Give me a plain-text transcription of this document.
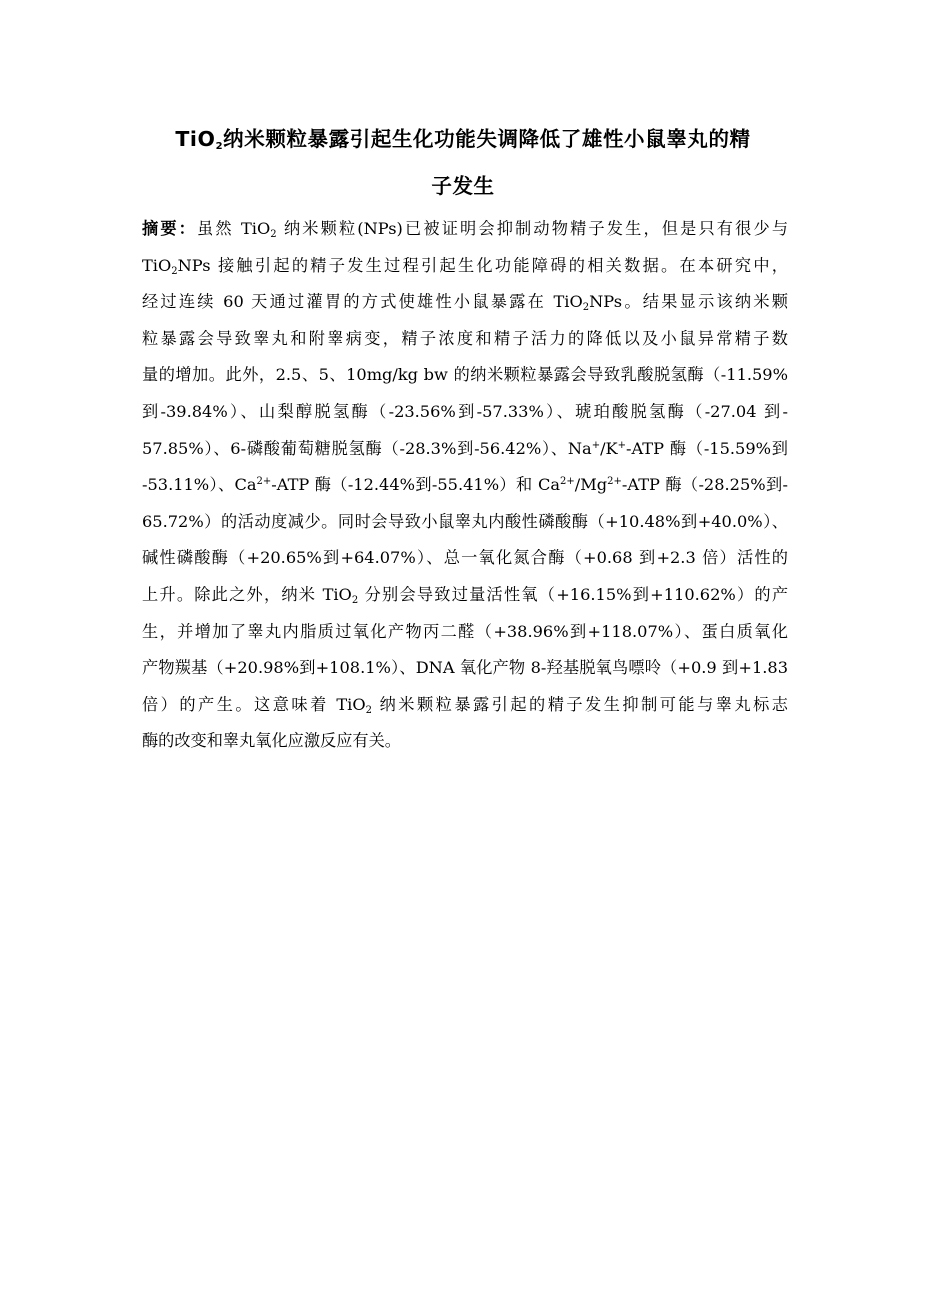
TiO$_2$纳米颗粒暴露引起生化功能失调降低了雄性小鼠睾丸的精
子发生
摘要：虽然 TiO$_2$ 纳米颗粒(NPs)已被证明会抑制动物精子发生，但是只有很少与
TiO$_2$NPs 接触引起的精子发生过程引起生化功能障碍的相关数据。在本研究中，
经过连续 60 天通过灌胃的方式使雄性小鼠暴露在 TiO$_2$NPs。结果显示该纳米颗
粒暴露会导致睾丸和附睾病变，精子浓度和精子活力的降低以及小鼠异常精子数
量的增加。此外，2.5、5、10mg/kg bw 的纳米颗粒暴露会导致乳酸脱氢酶（-11.59%
到-39.84%）、山梨醇脱氢酶（-23.56%到-57.33%）、琥珀酸脱氢酶（-27.04 到-
57.85%）、6-磷酸葡萄糖脱氢酶（-28.3%到-56.42%）、Na+/K+-ATP 酶（-15.59%到
-53.11%）、$Ca^{2+}$-ATP 酶（-12.44%到-55.41%）和 $Ca^{2+}/Mg^{2+}$-ATP 酶（-28.25%到-
65.72%）的活动度减少。同时会导致小鼠睾丸内酸性磷酸酶（+10.48%到+40.0%）、
碱性磷酸酶（+20.65%到+64.07%）、总一氧化氮合酶（+0.68 到+2.3 倍）活性的
上升。除此之外，纳米 TiO$_2$ 分别会导致过量活性氧（+16.15%到+110.62%）的产
生，并增加了睾丸内脂质过氧化产物丙二醛（+38.96%到+118.07%）、蛋白质氧化
产物羰基（+20.98%到+108.1%）、DNA 氧化产物 8-羟基脱氧鸟嘌呤（+0.9 到+1.83
倍）的产生。这意味着 TiO$_2$ 纳米颗粒暴露引起的精子发生抑制可能与睾丸标志
酶的改变和睾丸氧化应激反应有关。
